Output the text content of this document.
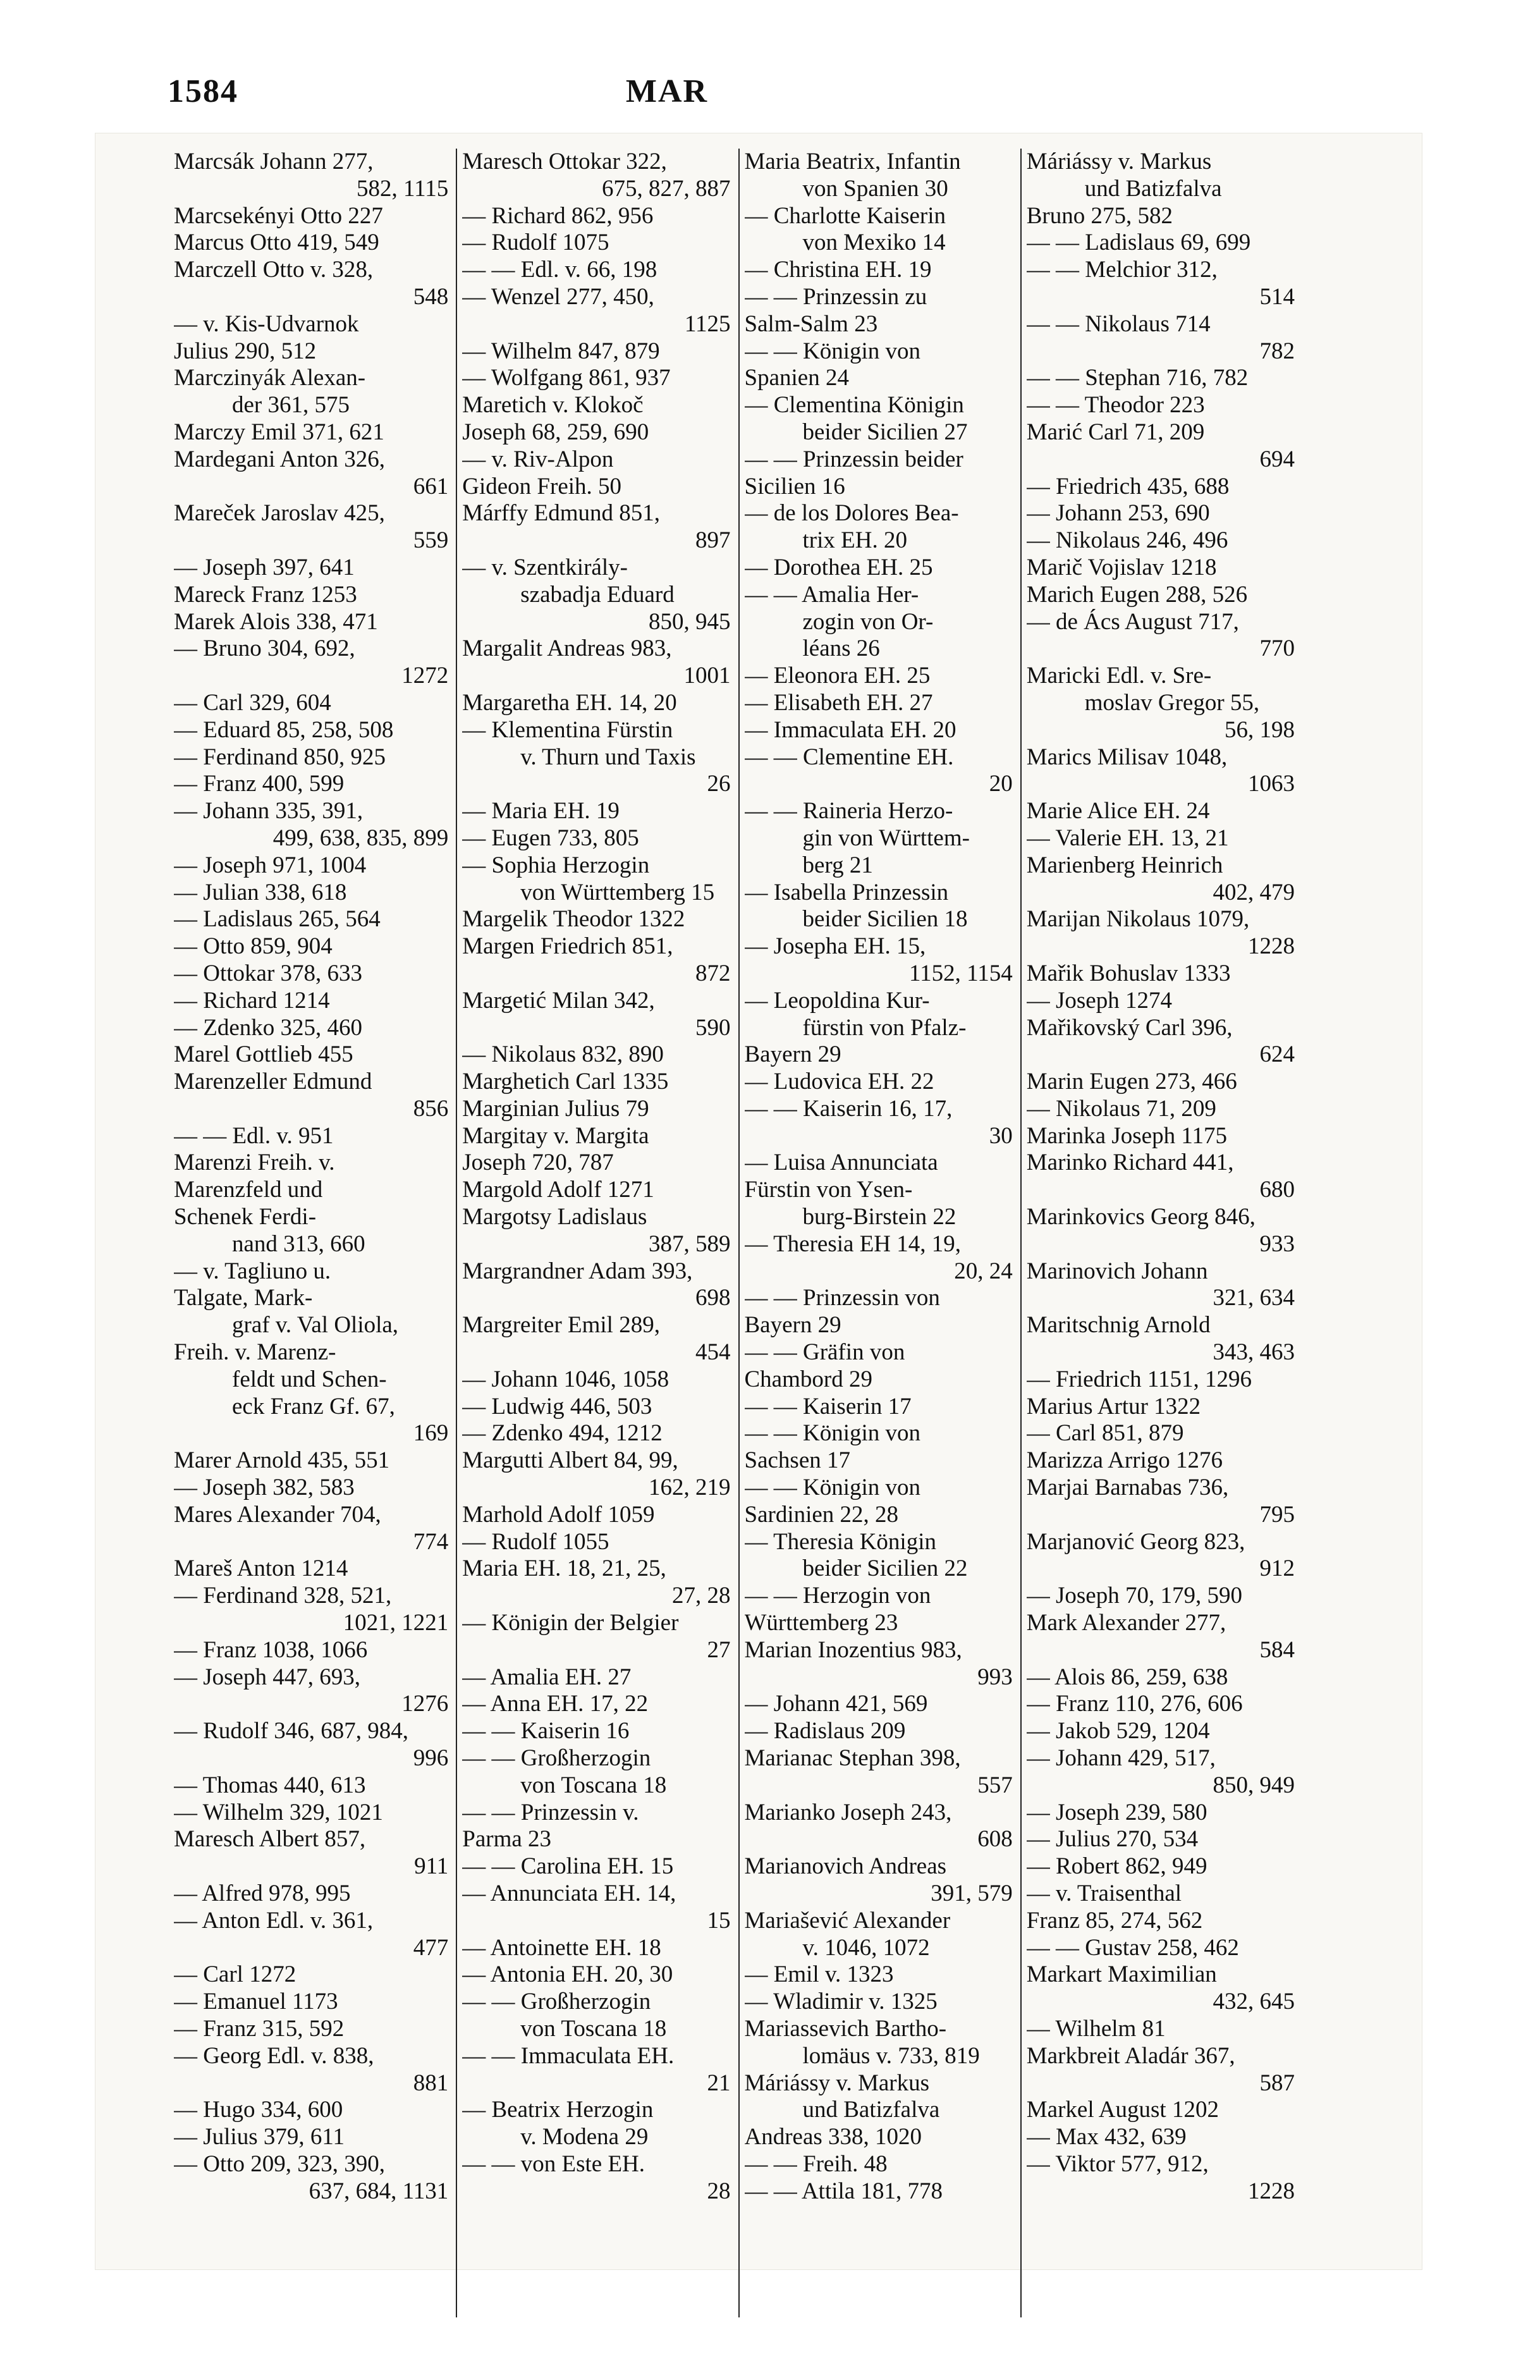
1584	MAR
Marcsák Johann 277,
582, 1115
Marcsekényi Otto 227
Marcus Otto 419, 549
Marczell Otto v. 328,
548
— v. Kis-Udvarnok
Julius 290, 512
Marczinyák Alexan-
der 361, 575
Marczy Emil 371, 621
Mardegani Anton 326,
661
Mareček Jaroslav 425,
559
— Joseph 397, 641
Mareck Franz 1253
Marek Alois 338, 471
— Bruno 304, 692,
1272
— Carl 329, 604
— Eduard 85, 258, 508
— Ferdinand 850, 925
— Franz 400, 599
— Johann 335, 391,
499, 638, 835, 899
— Joseph 971, 1004
— Julian 338, 618
— Ladislaus 265, 564
— Otto 859, 904
— Ottokar 378, 633
— Richard 1214
— Zdenko 325, 460
Marel Gottlieb 455
Marenzeller Edmund
856
— — Edl. v. 951
Marenzi Freih. v.
Marenzfeld und
Schenek Ferdi-
nand 313, 660
— v. Tagliuno u.
Talgate, Mark-
graf v. Val Oliola,
Freih. v. Marenz-
feldt und Schen-
eck Franz Gf. 67,
169
Marer Arnold 435, 551
— Joseph 382, 583
Mares Alexander 704,
774
Mareš Anton 1214
— Ferdinand 328, 521,
1021, 1221
— Franz 1038, 1066
— Joseph 447, 693,
1276
— Rudolf 346, 687, 984,
996
— Thomas 440, 613
— Wilhelm 329, 1021
Maresch Albert 857,
911
— Alfred 978, 995
— Anton Edl. v. 361,
477
— Carl 1272
— Emanuel 1173
— Franz 315, 592
— Georg Edl. v. 838,
881
— Hugo 334, 600
— Julius 379, 611
— Otto 209, 323, 390,
637, 684, 1131
Maresch Ottokar 322,
675, 827, 887
— Richard 862, 956
— Rudolf 1075
— — Edl. v. 66, 198
— Wenzel 277, 450,
1125
— Wilhelm 847, 879
— Wolfgang 861, 937
Maretich v. Klokoč
Joseph 68, 259, 690
— v. Riv-Alpon
Gideon Freih. 50
Márffy Edmund 851,
897
— v. Szentkirály-
szabadja Eduard
850, 945
Margalit Andreas 983,
1001
Margaretha EH. 14, 20
— Klementina Fürstin
v. Thurn und Taxis
26
— Maria EH. 19
— Eugen 733, 805
— Sophia Herzogin
von Württemberg 15
Margelik Theodor 1322
Margen Friedrich 851,
872
Margetić Milan 342,
590
— Nikolaus 832, 890
Marghetich Carl 1335
Marginian Julius 79
Margitay v. Margita
Joseph 720, 787
Margold Adolf 1271
Margotsy Ladislaus
387, 589
Margrandner Adam 393,
698
Margreiter Emil 289,
454
— Johann 1046, 1058
— Ludwig 446, 503
— Zdenko 494, 1212
Margutti Albert 84, 99,
162, 219
Marhold Adolf 1059
— Rudolf 1055
Maria EH. 18, 21, 25,
27, 28
— Königin der Belgier
27
— Amalia EH. 27
— Anna EH. 17, 22
— — Kaiserin 16
— — Großherzogin
von Toscana 18
— — Prinzessin v.
Parma 23
— — Carolina EH. 15
— Annunciata EH. 14,
15
— Antoinette EH. 18
— Antonia EH. 20, 30
— — Großherzogin
von Toscana 18
— — Immaculata EH.
21
— Beatrix Herzogin
v. Modena 29
— — von Este EH.
28
Maria Beatrix, Infantin
von Spanien 30
— Charlotte Kaiserin
von Mexiko 14
— Christina EH. 19
— — Prinzessin zu
Salm-Salm 23
— — Königin von
Spanien 24
— Clementina Königin
beider Sicilien 27
— — Prinzessin beider
Sicilien 16
— de los Dolores Bea-
trix EH. 20
— Dorothea EH. 25
— — Amalia Her-
zogin von Or-
léans 26
— Eleonora EH. 25
— Elisabeth EH. 27
— Immaculata EH. 20
— — Clementine EH.
20
— — Raineria Herzo-
gin von Württem-
berg 21
— Isabella Prinzessin
beider Sicilien 18
— Josepha EH. 15,
1152, 1154
— Leopoldina Kur-
fürstin von Pfalz-
Bayern 29
— Ludovica EH. 22
— — Kaiserin 16, 17,
30
— Luisa Annunciata
Fürstin von Ysen-
burg-Birstein 22
— Theresia EH 14, 19,
20, 24
— — Prinzessin von
Bayern 29
— — Gräfin von
Chambord 29
— — Kaiserin 17
— — Königin von
Sachsen 17
— — Königin von
Sardinien 22, 28
— Theresia Königin
beider Sicilien 22
— — Herzogin von
Württemberg 23
Marian Inozentius 983,
993
— Johann 421, 569
— Radislaus 209
Marianac Stephan 398,
557
Marianko Joseph 243,
608
Marianovich Andreas
391, 579
Mariašević Alexander
v. 1046, 1072
— Emil v. 1323
— Wladimir v. 1325
Mariassevich Bartho-
lomäus v. 733, 819
Máriássy v. Markus
und Batizfalva
Andreas 338, 1020
— — Freih. 48
— — Attila 181, 778
Máriássy v. Markus
und Batizfalva
Bruno 275, 582
— — Ladislaus 69, 699
— — Melchior 312,
514
— — Nikolaus 714
782
— — Stephan 716, 782
— — Theodor 223
Marić Carl 71, 209
694
— Friedrich 435, 688
— Johann 253, 690
— Nikolaus 246, 496
Marič Vojislav 1218
Marich Eugen 288, 526
— de Ács August 717,
770
Maricki Edl. v. Sre-
moslav Gregor 55,
56, 198
Marics Milisav 1048,
1063
Marie Alice EH. 24
— Valerie EH. 13, 21
Marienberg Heinrich
402, 479
Marijan Nikolaus 1079,
1228
Mařik Bohuslav 1333
— Joseph 1274
Mařikovský Carl 396,
624
Marin Eugen 273, 466
— Nikolaus 71, 209
Marinka Joseph 1175
Marinko Richard 441,
680
Marinkovics Georg 846,
933
Marinovich Johann
321, 634
Maritschnig Arnold
343, 463
— Friedrich 1151, 1296
Marius Artur 1322
— Carl 851, 879
Marizza Arrigo 1276
Marjai Barnabas 736,
795
Marjanović Georg 823,
912
— Joseph 70, 179, 590
Mark Alexander 277,
584
— Alois 86, 259, 638
— Franz 110, 276, 606
— Jakob 529, 1204
— Johann 429, 517,
850, 949
— Joseph 239, 580
— Julius 270, 534
— Robert 862, 949
— v. Traisenthal
Franz 85, 274, 562
— — Gustav 258, 462
Markart Maximilian
432, 645
— Wilhelm 81
Markbreit Aladár 367,
587
Markel August 1202
— Max 432, 639
— Viktor 577, 912,
1228
